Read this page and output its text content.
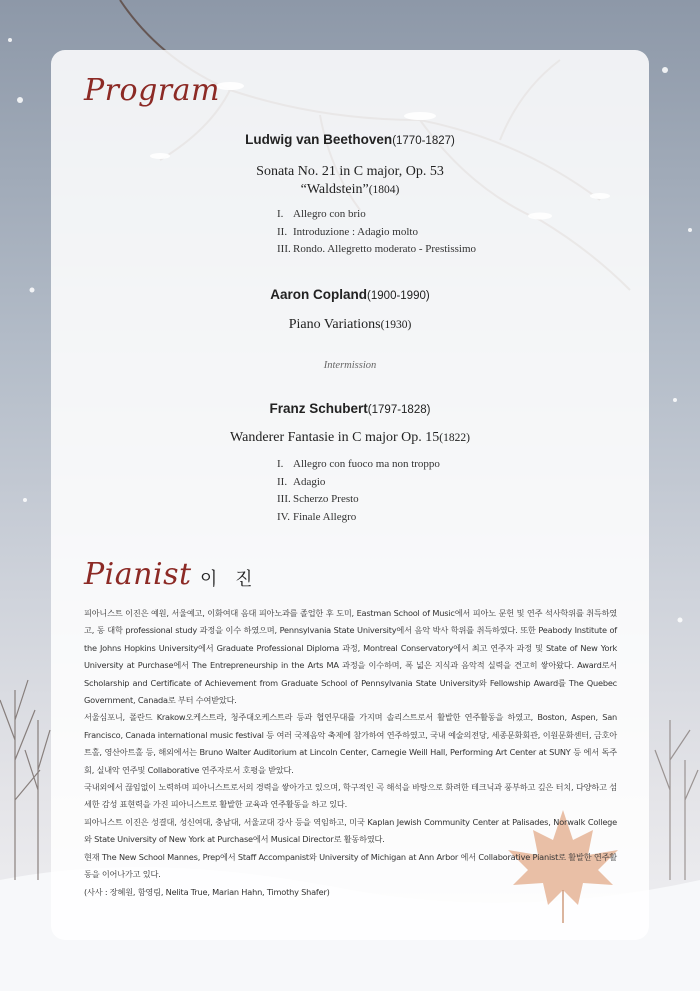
Program
Ludwig van Beethoven(1770-1827)
Sonata No. 21 in C major, Op. 53
“Waldstein”(1804)
I. Allegro con brio
II. Introduzione : Adagio molto
III. Rondo. Allegretto moderato - Prestissimo
Aaron Copland(1900-1990)
Piano Variations(1930)
Intermission
Franz Schubert(1797-1828)
Wanderer Fantasie in C major Op. 15(1822)
I. Allegro con fuoco ma non troppo
II. Adagio
III. Scherzo Presto
IV. Finale Allegro
Pianist 이 진

피아니스트 이진은 예원, 서울예고, 이화여대 음대 피아노과를 졸업한 후 도미, Eastman School of Music에서 피아노 문헌 및 연주 석사학위를 취득하였고, 동 대학 professional study 과정을 이수 하였으며, Pennsylvania State University에서 음악 박사 학위를 취득하였다. 또한 Peabody Institute of the Johns Hopkins University에서 Graduate Professional Diploma 과정, Montreal Conservatory에서 최고 연주자 과정 및 State of New York University at Purchase에서 The Entrepreneurship in the Arts MA 과정을 이수하며, 폭 넓은 지식과 음악적 실력을 견고히 쌓아왔다. Award로서 Scholarship and Certificate of Achievement from Graduate School of Pennsylvania State University와 Fellowship Award를 The Quebec Government, Canada로 부터 수여받았다.

서울심포니, 폴란드 Krakow오케스트라, 청주대오케스트라 등과 협연무대를 가지며 솔리스트로서 활발한 연주활동을 하였고, Boston, Aspen, San Francisco, Canada international music festival 등 여러 국제음악 축제에 참가하여 연주하였고, 국내 예술의전당, 세종문화회관, 이원문화센터, 금호아트홀, 영산아트홀 등, 해외에서는 Bruno Walter Auditorium at Lincoln Center, Carnegie Weill Hall, Performing Art Center at SUNY 등 에서 독주회, 실내악 연주및 Collaborative 연주자로서 호평을 받았다.

국내외에서 끊임없이 노력하며 피아니스트로서의 경력을 쌓아가고 있으며, 학구적인 곡 해석을 바탕으로 화려한 테크닉과 풍부하고 깊은 터치, 다양하고 섬세한 감성 표현력을 가진 피아니스트로 활발한 교육과 연주활동을 하고 있다.

피아니스트 이진은 성결대, 성신여대, 충남대, 서울교대 강사 등을 역임하고, 미국 Kaplan Jewish Community Center at Palisades, Norwalk College와 State University of New York at Purchase에서 Musical Director로 활동하였다.

현재 The New School Mannes, Prep에서 Staff Accompanist와 University of Michigan at Ann Arbor 에서 Collaborative Pianist로 활발한 연주활동을 이어나가고 있다.

(사사 : 장혜원, 함영림, Nelita True, Marian Hahn, Timothy Shafer)
